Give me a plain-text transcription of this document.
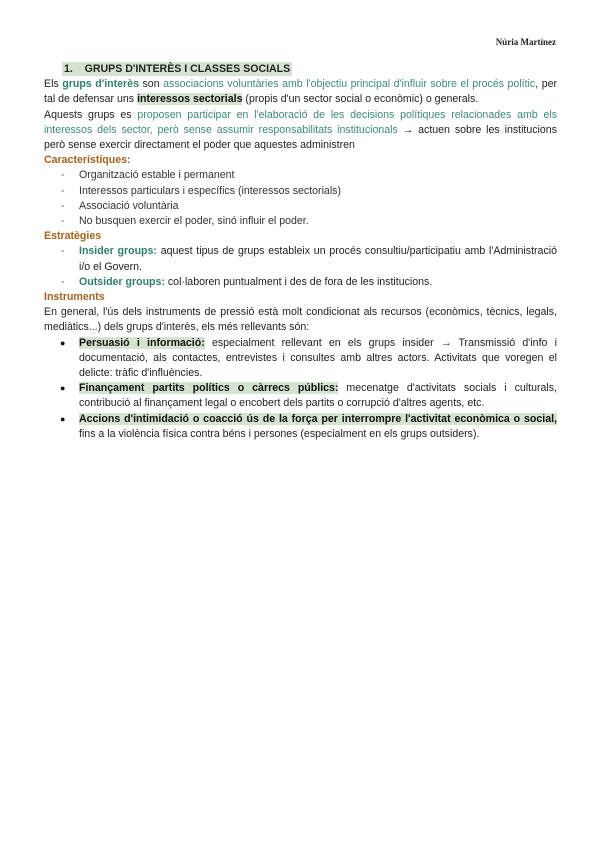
Núria Martínez
1. GRUPS D'INTERÈS I CLASSES SOCIALS

Els grups d'interès son associacions voluntàries amb l'objectiu principal d'influir sobre el procés polític, per tal de defensar uns interessos sectorials (propis d'un sector social o econòmic) o generals.

Aquests grups es proposen participar en l'elaboració de les decisions polítiques relacionades amb els interessos dels sector, però sense assumir responsabilitats institucionals → actuen sobre les institucions però sense exercir directament el poder que aquestes administren

Característiques:
- Organització estable i permanent
- Interessos particulars i específics (interessos sectorials)
- Associació voluntària
- No busquen exercir el poder, sinó influir el poder.
Estratègies
- Insider groups: aquest tipus de grups estableix un procés consultiu/participatiu amb l'Administració i/o el Govern.
- Outsider groups: col·laboren puntualment i des de fora de les institucions.
Instruments

En general, l'ús dels instruments de pressió està molt condicionat als recursos (econòmics, tècnics, legals, mediàtics...) dels grups d'interès, els més rellevants són:

● Persuasió i informació: especialment rellevant en els grups insider → Transmissió d'info i documentació, als contactes, entrevistes i consultes amb altres actors. Activitats que voregen el delicte: tràfic d'influències.
● Finançament partits polítics o càrrecs públics: mecenatge d'activitats socials i culturals, contribució al finançament legal o encobert dels partits o corrupció d'altres agents, etc.
● Accions d'intimidació o coacció ús de la força per interrompre l'activitat econòmica o social, fins a la violència física contra béns i persones (especialment en els grups outsiders).
